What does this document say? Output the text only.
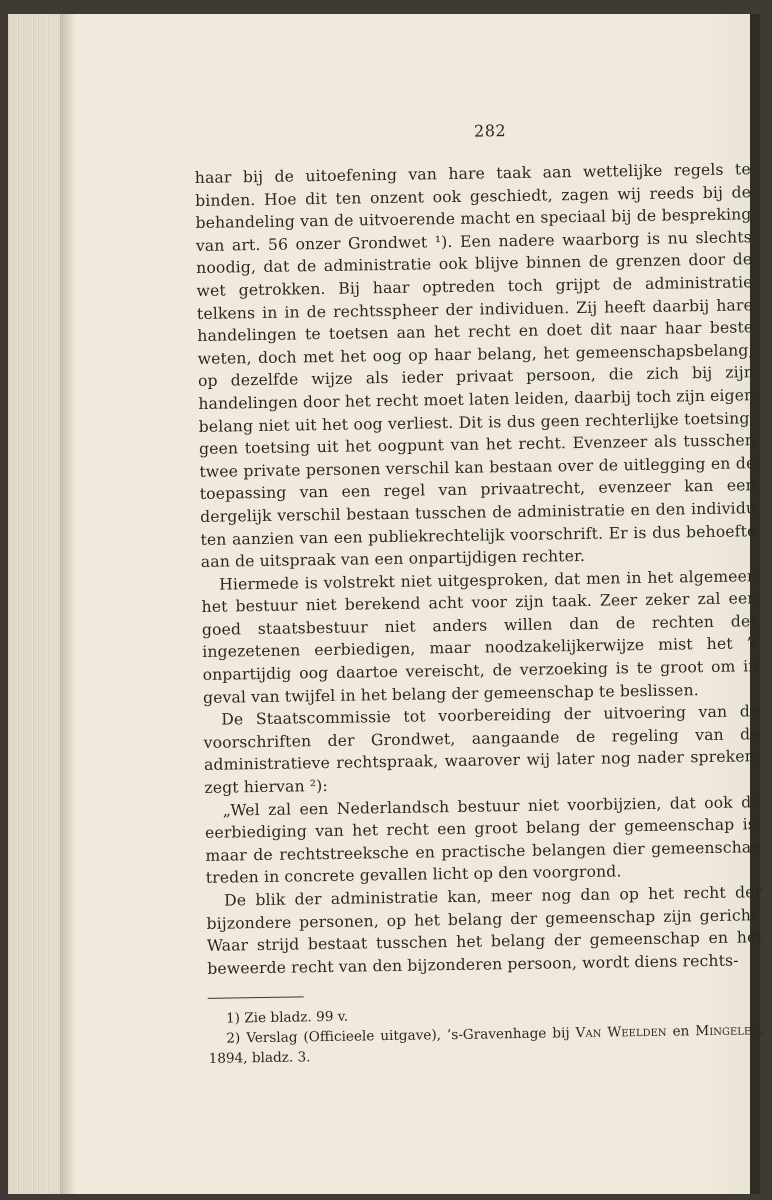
282

haar bij de uitoefening van hare taak aan wettelijke regels te binden. Hoe dit ten onzent ook geschiedt, zagen wij reeds bij de behandeling van de uitvoerende macht en speciaal bij de bespreking van art. 56 onzer Grondwet ¹). Een nadere waarborg is nu slechts noodig, dat de administratie ook blijve binnen de grenzen door de wet getrokken. Bij haar optreden toch grijpt de administratie telkens in in de rechtsspheer der individuen. Zij heeft daarbij hare handelingen te toetsen aan het recht en doet dit naar haar beste weten, doch met het oog op haar belang, het gemeenschapsbelang, op dezelfde wijze als ieder privaat persoon, die zich bij zijn handelingen door het recht moet laten leiden, daarbij toch zijn eigen belang niet uit het oog verliest. Dit is dus geen rechterlijke toetsing, geen toetsing uit het oogpunt van het recht. Evenzeer als tusschen twee private personen verschil kan bestaan over de uitlegging en de toepassing van een regel van privaatrecht, evenzeer kan een dergelijk verschil bestaan tusschen de administratie en den individu ten aanzien van een publiekrechtelijk voorschrift. Er is dus behoefte aan de uitspraak van een onpartijdigen rechter.

Hiermede is volstrekt niet uitgesproken, dat men in het algemeen het bestuur niet berekend acht voor zijn taak. Zeer zeker zal een goed staatsbestuur niet anders willen dan de rechten der ingezetenen eerbiedigen, maar noodzakelijkerwijze mist het ’t onpartijdig oog daartoe vereischt, de verzoeking is te groot om in geval van twijfel in het belang der gemeenschap te beslissen.

De Staatscommissie tot voorbereiding der uitvoering van de voorschriften der Grondwet, aangaande de regeling van de administratieve rechtspraak, waarover wij later nog nader spreken, zegt hiervan ²):

„Wel zal een Nederlandsch bestuur niet voorbijzien, dat ook de eerbiediging van het recht een groot belang der gemeenschap is, maar de rechtstreeksche en practische belangen dier gemeenschap treden in concrete gevallen licht op den voorgrond.

De blik der administratie kan, meer nog dan op het recht der bijzondere personen, op het belang der gemeenschap zijn gericht. Waar strijd bestaat tusschen het belang der gemeenschap en het beweerde recht van den bijzonderen persoon, wordt diens rechts-

1) Zie bladz. 99 v.

2) Verslag (Officieele uitgave), ’s-Gravenhage bij Van Weelden en Mingelen, 1894, bladz. 3.
